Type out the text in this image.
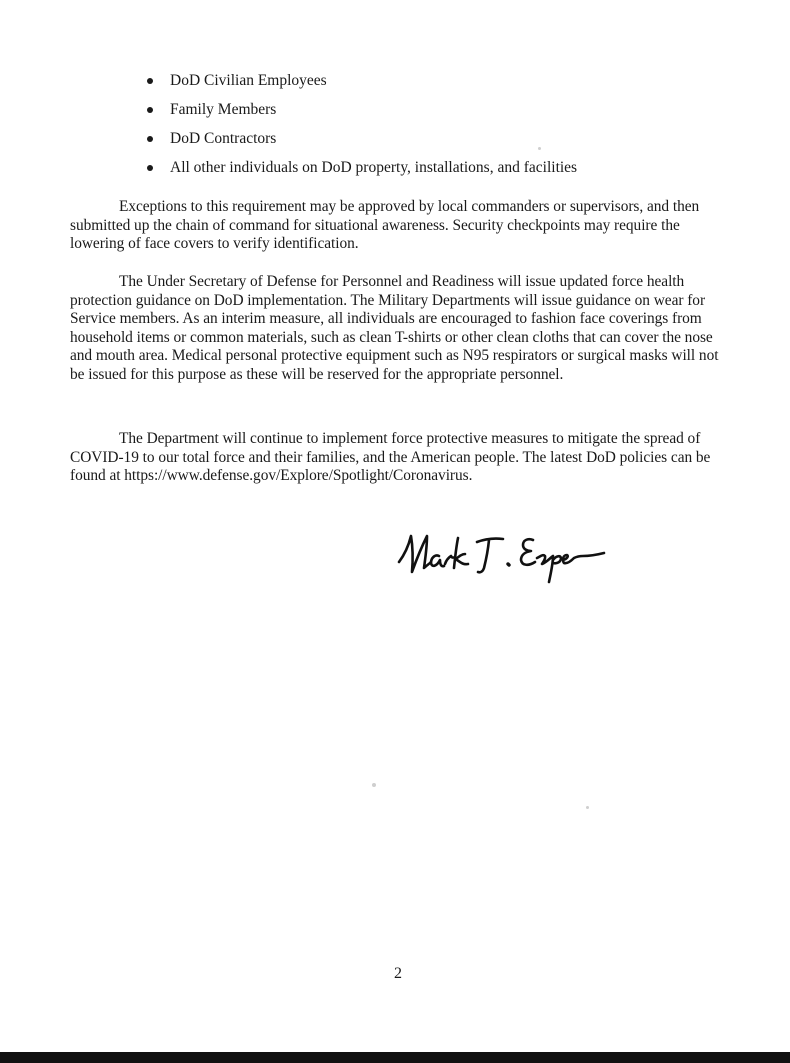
DoD Civilian Employees
Family Members
DoD Contractors
All other individuals on DoD property, installations, and facilities

Exceptions to this requirement may be approved by local commanders or supervisors, and then submitted up the chain of command for situational awareness. Security checkpoints may require the lowering of face covers to verify identification.

The Under Secretary of Defense for Personnel and Readiness will issue updated force health protection guidance on DoD implementation. The Military Departments will issue guidance on wear for Service members. As an interim measure, all individuals are encouraged to fashion face coverings from household items or common materials, such as clean T-shirts or other clean cloths that can cover the nose and mouth area. Medical personal protective equipment such as N95 respirators or surgical masks will not be issued for this purpose as these will be reserved for the appropriate personnel.

The Department will continue to implement force protective measures to mitigate the spread of COVID-19 to our total force and their families, and the American people. The latest DoD policies can be found at https://www.defense.gov/Explore/Spotlight/Coronavirus.

2
